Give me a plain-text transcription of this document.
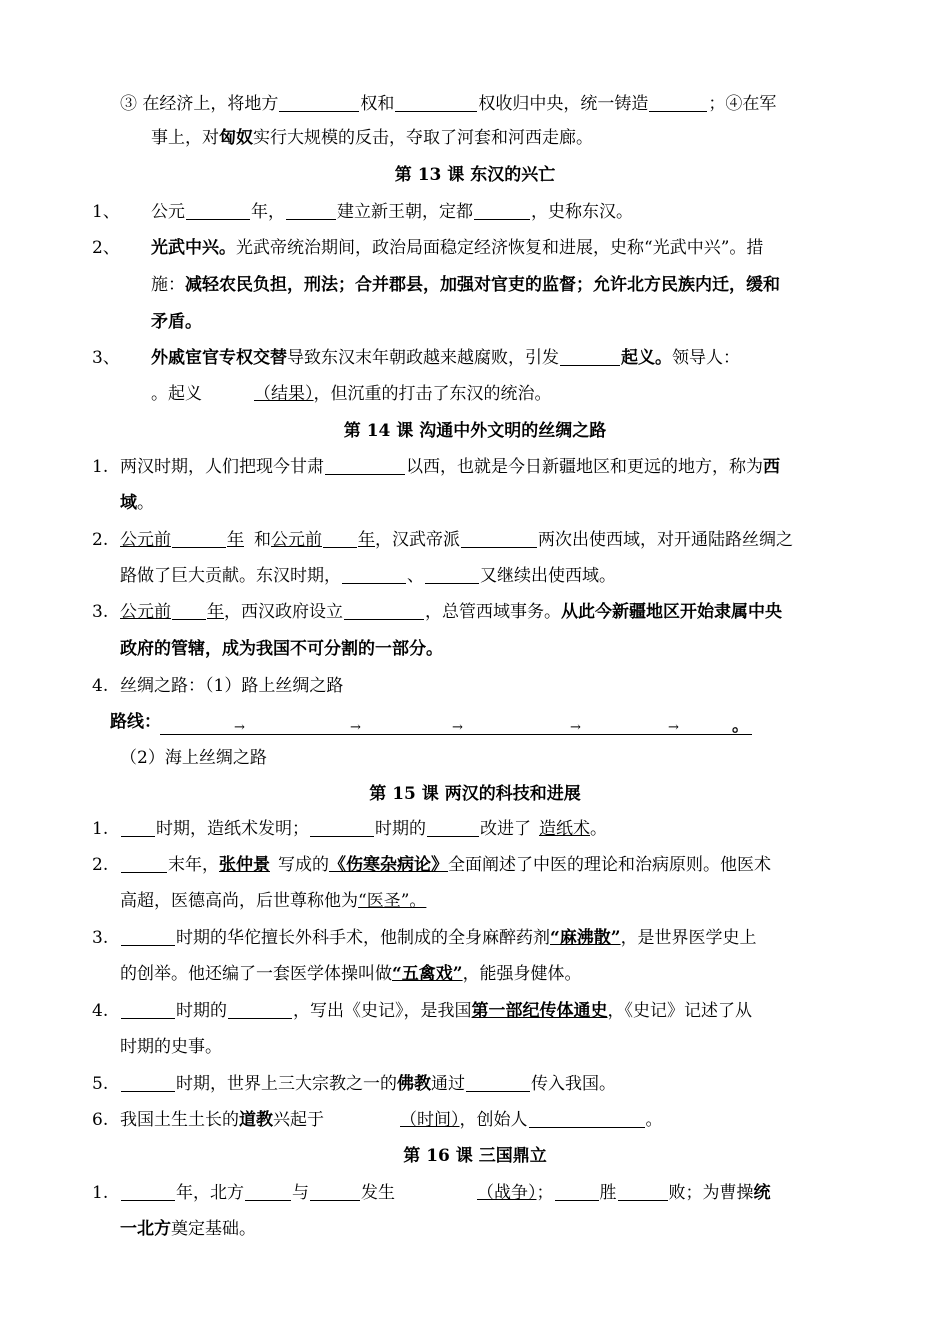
③ 在经济上，将地方	权和	权收归中央，统一铸造	；④在军
事上，对匈奴实行大规模的反击，夺取了河套和河西走廊。
第 13 课 东汉的兴亡
1、 公元	年，	建立新王朝，定都	，史称东汉。
2、 光武中兴。光武帝统治期间，政治局面稳定经济恢复和进展，史称“光武中兴”。措
施：减轻农民负担，刑法；合并郡县，加强对官吏的监督；允许北方民族内迁，缓和
矛盾。
3、 外戚宦官专权交替导致东汉末年朝政越来越腐败，引发	起义。领导人：
。起义	（结果），但沉重的打击了东汉的统治。
第 14 课 沟通中外文明的丝绸之路
1. 两汉时期，人们把现今甘肃	以西，也就是今日新疆地区和更远的地方，称为西
域。
2. 公元前	年 和公元前 年，汉武帝派	两次出使西域，对开通陆路丝绸之
路做了巨大贡献。东汉时期，	、	又继续出使西域。
3. 公元前 年，西汉政府设立	，总管西域事务。从此今新疆地区开始隶属中央
政府的管辖，成为我国不可分割的一部分。
4. 丝绸之路：（1）路上丝绸之路
路线：	→	→	→	→	→	。
（2）海上丝绸之路
第 15 课 两汉的科技和进展
1.	时期，造纸术发明；	时期的	改进了 造纸术。
2.	末年，张仲景 写成的《伤寒杂病论》全面阐述了中医的理论和治病原则。他医术
高超，医德高尚，后世尊称他为“医圣”。
3.	时期的华佗擅长外科手术，他制成的全身麻醉药剂“麻沸散”，是世界医学史上
的创举。他还编了一套医学体操叫做“五禽戏”，能强身健体。
4.	时期的	，写出《史记》，是我国第一部纪传体通史，《史记》记述了从
时期的史事。
5.	时期，世界上三大宗教之一的佛教通过	传入我国。
6. 我国土生土长的道教兴起于	（时间），创始人	。
第 16 课 三国鼎立
1.	年，北方	与	发生	（战争）；	胜	败；为曹操统
一北方奠定基础。
